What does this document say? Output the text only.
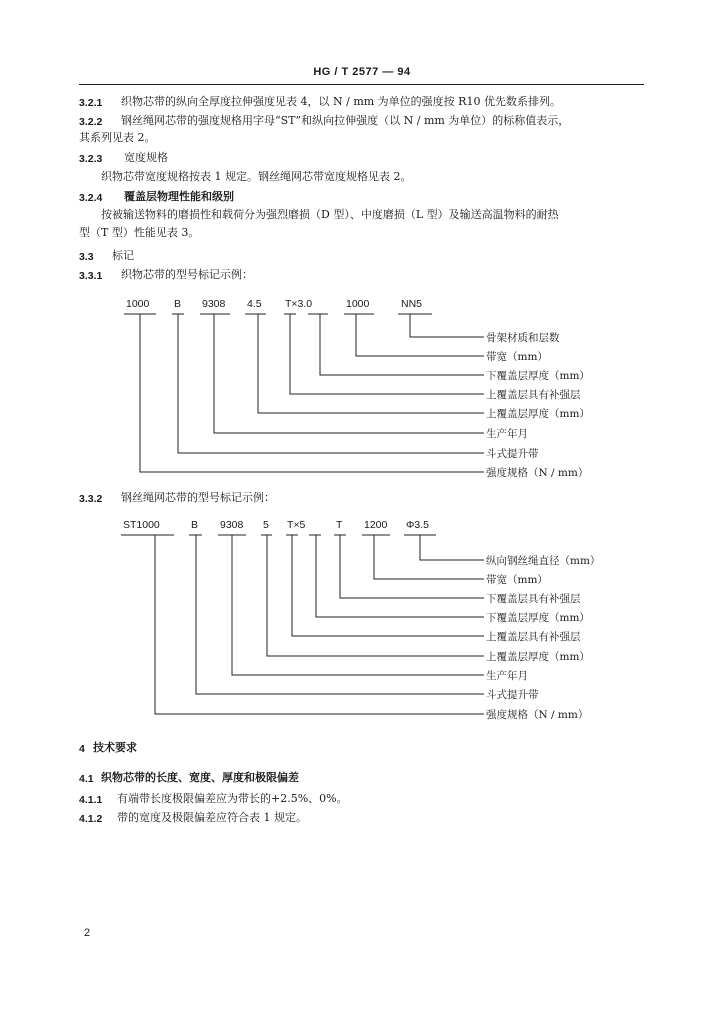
HG / T 2577 — 94
3.2.1 织物芯带的纵向全厚度拉伸强度见表 4，以 N / mm 为单位的强度按 R10 优先数系排列。
3.2.2 钢丝绳网芯带的强度规格用字母“ST”和纵向拉伸强度（以 N / mm 为单位）的标称值表示，
其系列见表 2。
3.2.3 宽度规格
织物芯带宽度规格按表 1 规定。钢丝绳网芯带宽度规格见表 2。
3.2.4 覆盖层物理性能和级别
按被输送物料的磨损性和载荷分为强烈磨损（D 型）、中度磨损（L 型）及输送高温物料的耐热
型（T 型）性能见表 3。
3.3 标记
3.3.1 织物芯带的型号标记示例：
1000 B 9308 4.5 T×3.0	1000	NN5
骨架材质和层数
带宽（mm）
下覆盖层厚度（mm）
上覆盖层具有补强层
上覆盖层厚度（mm）
生产年月
斗式提升带
强度规格（N / mm）
3.3.2 钢丝绳网芯带的型号标记示例：
ST1000	B 9308 5 T×5	T 1200 Φ3.5
纵向钢丝绳直径（mm）
带宽（mm）
下覆盖层具有补强层
下覆盖层厚度（mm）
上覆盖层具有补强层
上覆盖层厚度（mm）
生产年月
斗式提升带
强度规格（N / mm）
4 技术要求
4.1 织物芯带的长度、宽度、厚度和极限偏差
4.1.1 有端带长度极限偏差应为带长的+2.5%、0%。
4.1.2 带的宽度及极限偏差应符合表 1 规定。
2
